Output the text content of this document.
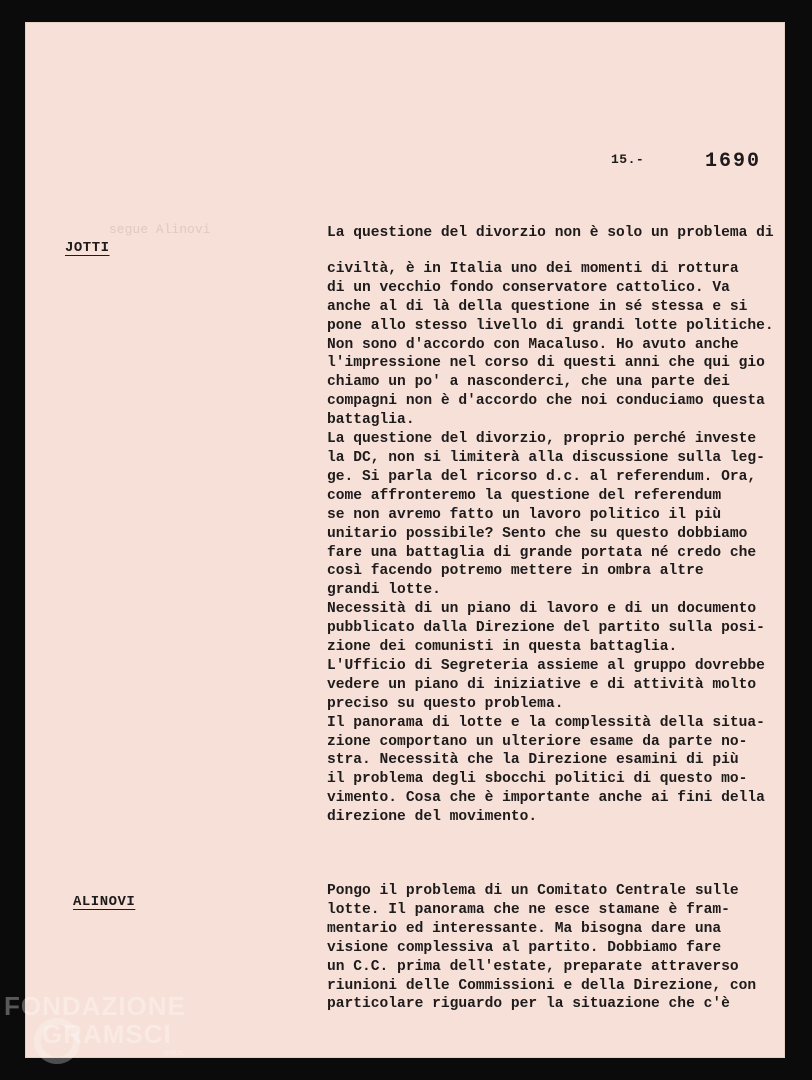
segue Alinovi
15.-	1690
JOTTI
La questione del divorzio non è solo un problema di
civiltà, è in Italia uno dei momenti di rottura
di un vecchio fondo conservatore cattolico. Va
anche al di là della questione in sé stessa e si
pone allo stesso livello di grandi lotte politiche.
Non sono d'accordo con Macaluso. Ho avuto anche
l'impressione nel corso di questi anni che qui gio
chiamo un po' a nasconderci, che una parte dei
compagni non è d'accordo che noi conduciamo questa
battaglia.
La questione del divorzio, proprio perché investe
la DC, non si limiterà alla discussione sulla leg-
ge. Si parla del ricorso d.c. al referendum. Ora,
come affronteremo la questione del referendum
se non avremo fatto un lavoro politico il più
unitario possibile? Sento che su questo dobbiamo
fare una battaglia di grande portata né credo che
così facendo potremo mettere in ombra altre
grandi lotte.
Necessità di un piano di lavoro e di un documento
pubblicato dalla Direzione del partito sulla posi-
zione dei comunisti in questa battaglia.
L'Ufficio di Segreteria assieme al gruppo dovrebbe
vedere un piano di iniziative e di attività molto
preciso su questo problema.
Il panorama di lotte e la complessità della situa-
zione comportano un ulteriore esame da parte no-
stra. Necessità che la Direzione esamini di più
il problema degli sbocchi politici di questo mo-
vimento. Cosa che è importante anche ai fini della
direzione del movimento.
ALINOVI
Pongo il problema di un Comitato Centrale sulle
lotte. Il panorama che ne esce stamane è fram-
mentario ed interessante. Ma bisogna dare una
visione complessiva al partito. Dobbiamo fare
un C.C. prima dell'estate, preparate attraverso
riunioni delle Commissioni e della Direzione, con
particolare riguardo per la situazione che c'è
FONDAZIONE
GRAMSCI
onlus
